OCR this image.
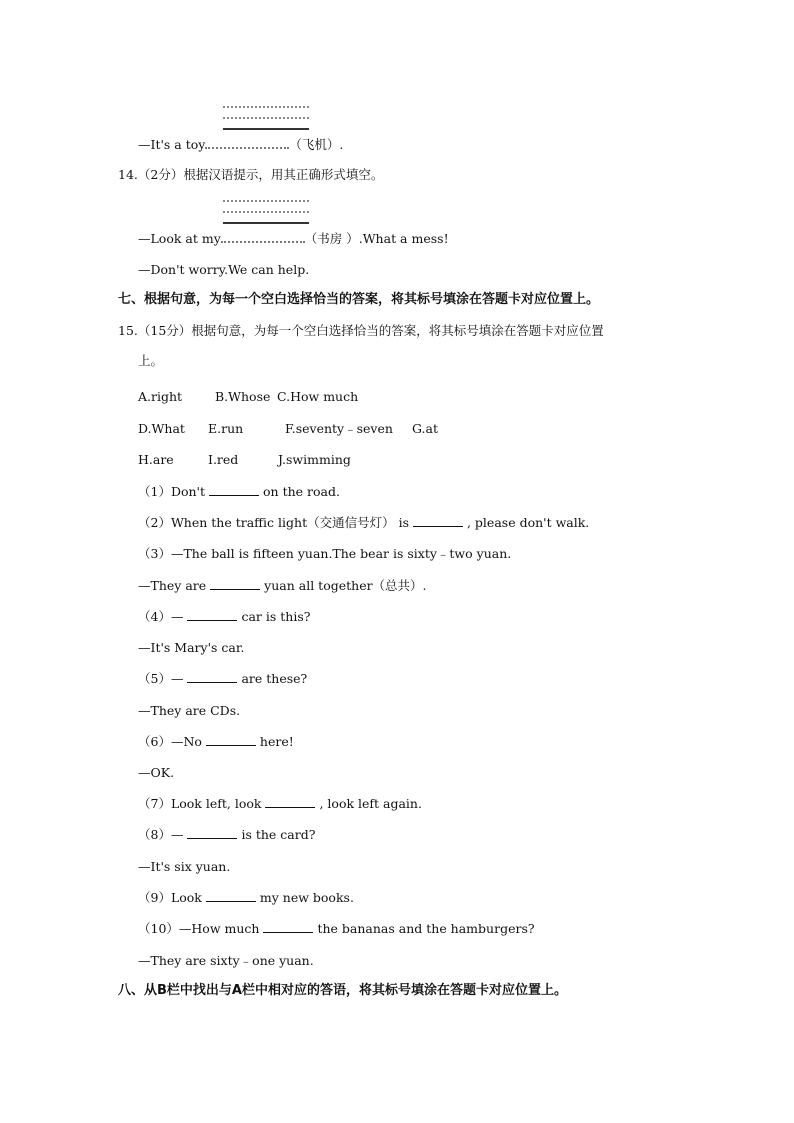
—It's a toy	（飞机）.
14.（2分）根据汉语提示，用其正确形式填空。
—Look at my	（书房 ）.What a mess!
—Don't worry.We can help.
七、根据句意，为每一个空白选择恰当的答案，将其标号填涂在答题卡对应位置上。
15.（15分）根据句意，为每一个空白选择恰当的答案，将其标号填涂在答题卡对应位置
上。
A.right	B.Whose C.How much
D.What E.run	F.seventy﹣seven G.at
H.are	I.red	J.swimming
（1）Don't	on the road.
（2）When the traffic light（交通信号灯） is	, please don't walk.
（3）—The ball is fifteen yuan.The bear is sixty﹣two yuan.
—They are	yuan all together（总共）.
（4）—	car is this?
—It's Mary's car.
（5）—	are these?
—They are CDs.
（6）—No	here!
—OK.
（7）Look left, look	, look left again.
（8）—	is the card?
—It's six yuan.
（9）Look	my new books.
（10）—How much	the bananas and the hamburgers?
—They are sixty﹣one yuan.
八、从B栏中找出与A栏中相对应的答语，将其标号填涂在答题卡对应位置上。
